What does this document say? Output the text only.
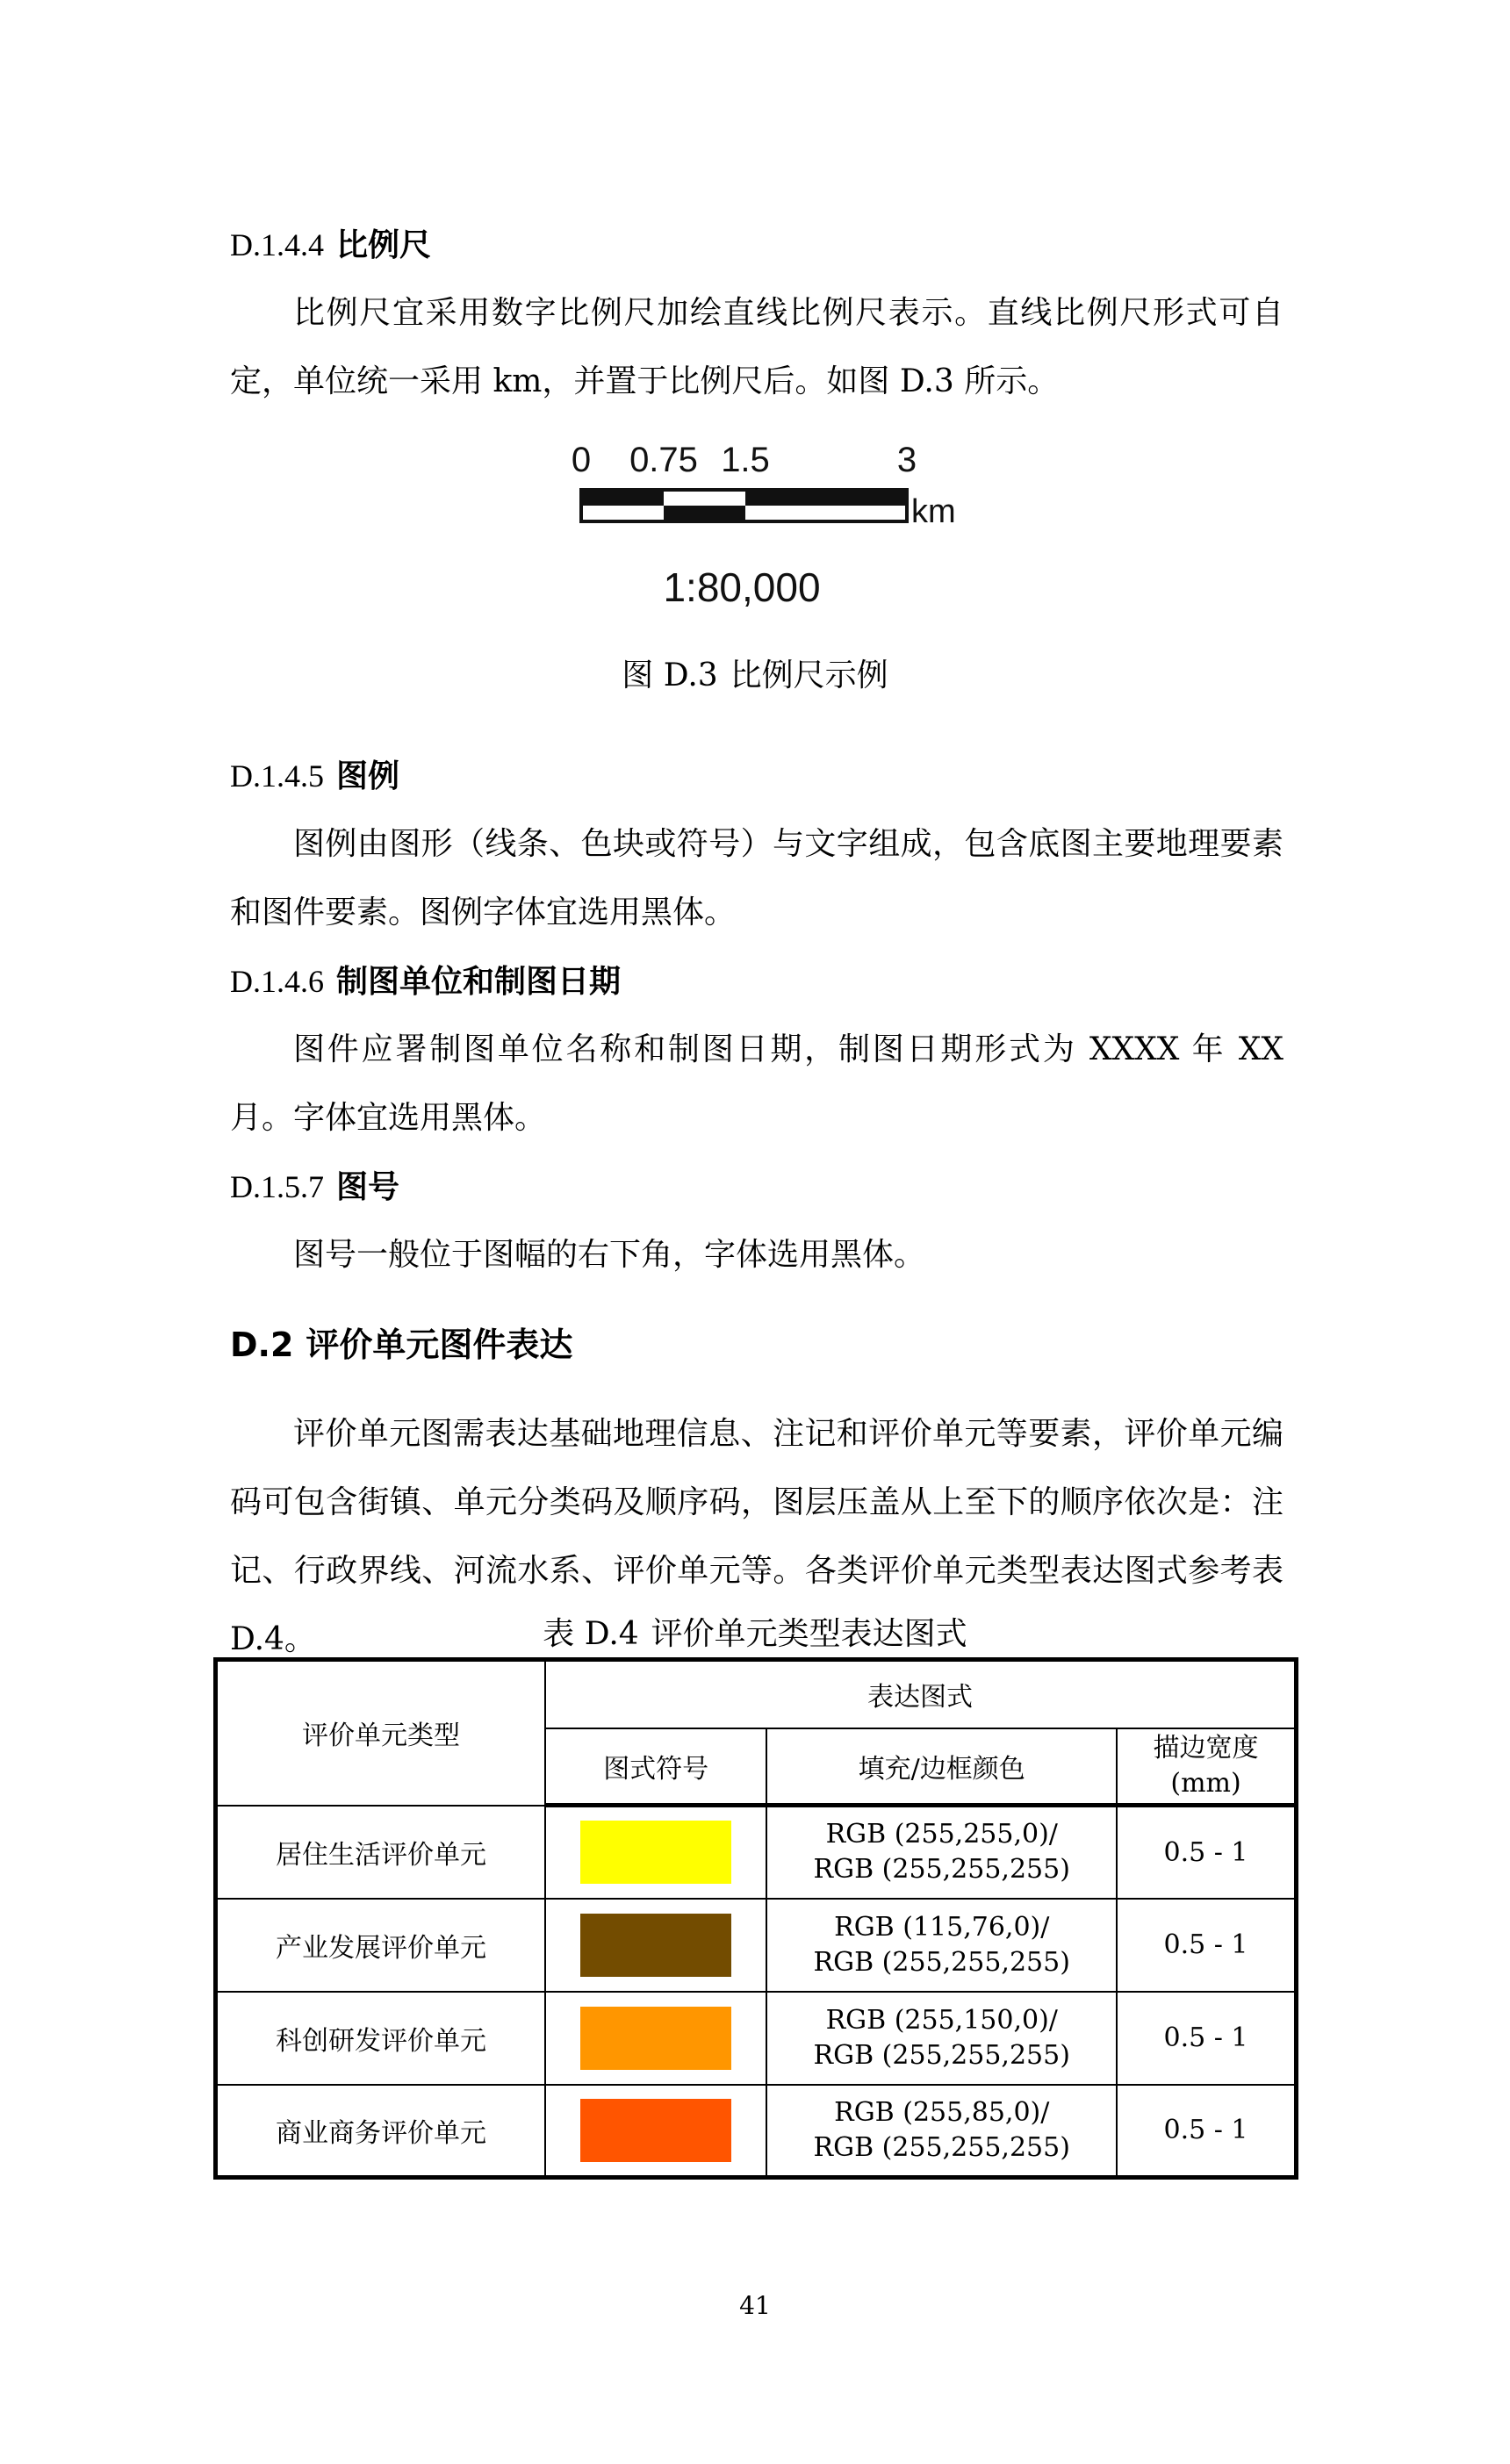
D.1.4.4 比例尺

比例尺宜采用数字比例尺加绘直线比例尺表示。直线比例尺形式可自定，单位统一采用 km，并置于比例尺后。如图 D.3 所示。

0 0.75 1.5	3
km
1:80,000

图 D.3 比例尺示例

D.1.4.5 图例

图例由图形（线条、色块或符号）与文字组成，包含底图主要地理要素和图件要素。图例字体宜选用黑体。

D.1.4.6 制图单位和制图日期

图件应署制图单位名称和制图日期，制图日期形式为 XXXX 年 XX 月。字体宜选用黑体。

D.1.5.7 图号

图号一般位于图幅的右下角，字体选用黑体。

D.2 评价单元图件表达

评价单元图需表达基础地理信息、注记和评价单元等要素，评价单元编码可包含街镇、单元分类码及顺序码，图层压盖从上至下的顺序依次是：注记、行政界线、河流水系、评价单元等。各类评价单元类型表达图式参考表 D.4。	表 D.4 评价单元类型表达图式

评价单元类型	表达图式		
	图式符号	填充/边框颜色	描边宽度(mm)
居住生活评价单元		RGB (255,255,0)/
RGB (255,255,255)	0.5 - 1
产业发展评价单元		RGB (115,76,0)/
RGB (255,255,255)	0.5 - 1
科创研发评价单元		RGB (255,150,0)/
RGB (255,255,255)	0.5 - 1
商业商务评价单元		RGB (255,85,0)/
RGB (255,255,255)	0.5 - 1
41
